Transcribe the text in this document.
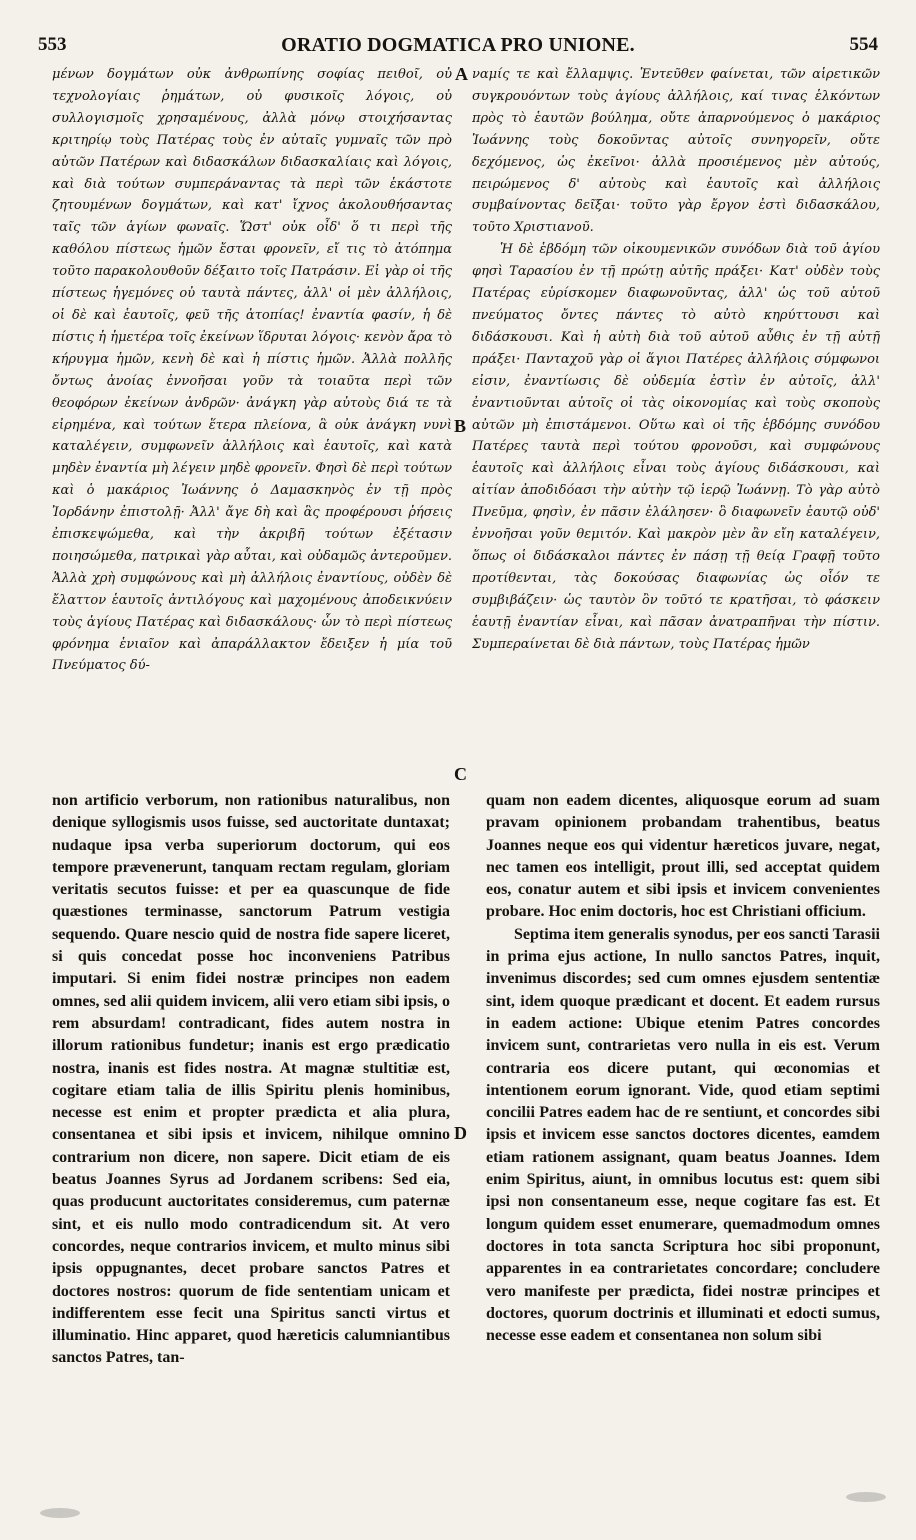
553	ORATIO DOGMATICA PRO UNIONE.	554

μένων δογμάτων οὐκ ἀνθρωπίνης σοφίας πειθοῖ, οὐ τεχνολογίαις ῥημάτων, οὐ φυσικοῖς λόγοις, οὐ συλλογισμοῖς χρησαμένους, ἀλλὰ μόνῳ στοιχήσαντας κριτηρίῳ τοὺς Πατέρας τοὺς ἐν αὐταῖς γυμναῖς τῶν πρὸ αὐτῶν Πατέρων καὶ διδασκάλων διδασκαλίαις καὶ λόγοις, καὶ διὰ τούτων συμπεράναντας τὰ περὶ τῶν ἑκάστοτε ζητουμένων δογμάτων, καὶ κατ' ἴχνος ἀκολουθήσαντας ταῖς τῶν ἁγίων φωναῖς. Ὥστ' οὐκ οἶδ' ὅ τι περὶ τῆς καθόλου πίστεως ἡμῶν ἔσται φρονεῖν, εἴ τις τὸ ἀτόπημα τοῦτο παρακολουθοῦν δέξαιτο τοῖς Πατράσιν. Εἰ γὰρ οἱ τῆς πίστεως ἡγεμόνες οὐ ταυτὰ πάντες, ἀλλ' οἱ μὲν ἀλλήλοις, οἱ δὲ καὶ ἑαυτοῖς, φεῦ τῆς ἀτοπίας! ἐναντία φασίν, ἡ δὲ πίστις ἡ ἡμετέρα τοῖς ἐκείνων ἵδρυται λόγοις· κενὸν ἄρα τὸ κήρυγμα ἡμῶν, κενὴ δὲ καὶ ἡ πίστις ἡμῶν. Ἀλλὰ πολλῆς ὄντως ἀνοίας ἐννοῆσαι γοῦν τὰ τοιαῦτα περὶ τῶν θεοφόρων ἐκείνων ἀνδρῶν· ἀνάγκη γὰρ αὐτοὺς διά τε τὰ εἰρημένα, καὶ τούτων ἕτερα πλείονα, ἃ οὐκ ἀνάγκη νυνὶ καταλέγειν, συμφωνεῖν ἀλλήλοις καὶ ἑαυτοῖς, καὶ κατὰ μηδὲν ἐναντία μὴ λέγειν μηδὲ φρονεῖν. Φησὶ δὲ περὶ τούτων καὶ ὁ μακάριος Ἰωάννης ὁ Δαμασκηνὸς ἐν τῇ πρὸς Ἰορδάνην ἐπιστολῇ· Ἀλλ' ἄγε δὴ καὶ ἃς προφέρουσι ῥήσεις ἐπισκεψώμεθα, καὶ τὴν ἀκριβῆ τούτων ἐξέτασιν ποιησώμεθα, πατρικαὶ γὰρ αὗται, καὶ οὐδαμῶς ἀντεροῦμεν. Ἀλλὰ χρὴ συμφώνους καὶ μὴ ἀλλήλοις ἐναντίους, οὐδὲν δὲ ἔλαττον ἑαυτοῖς ἀντιλόγους καὶ μαχομένους ἀποδεικνύειν τοὺς ἁγίους Πατέρας καὶ διδασκάλους· ὧν τὸ περὶ πίστεως φρόνημα ἑνιαῖον καὶ ἀπαράλλακτον ἔδειξεν ἡ μία τοῦ Πνεύματος δύ-

ναμίς τε καὶ ἔλλαμψις. Ἐντεῦθεν φαίνεται, τῶν αἱρετικῶν συγκρουόντων τοὺς ἁγίους ἀλλήλοις, καί τινας ἑλκόντων πρὸς τὸ ἑαυτῶν βούλημα, οὔτε ἀπαρνούμενος ὁ μακάριος Ἰωάννης τοὺς δοκοῦντας αὐτοῖς συνηγορεῖν, οὔτε δεχόμενος, ὡς ἐκεῖνοι· ἀλλὰ προσιέμενος μὲν αὐτούς, πειρώμενος δ' αὐτοὺς καὶ ἑαυτοῖς καὶ ἀλλήλοις συμβαίνοντας δεῖξαι· τοῦτο γὰρ ἔργον ἐστὶ διδασκάλου, τοῦτο Χριστιανοῦ.

Ἡ δὲ ἑβδόμη τῶν οἰκουμενικῶν συνόδων διὰ τοῦ ἁγίου φησὶ Ταρασίου ἐν τῇ πρώτῃ αὐτῆς πράξει· Κατ' οὐδὲν τοὺς Πατέρας εὑρίσκομεν διαφωνοῦντας, ἀλλ' ὡς τοῦ αὐτοῦ πνεύματος ὄντες πάντες τὸ αὐτὸ κηρύττουσι καὶ διδάσκουσι. Καὶ ἡ αὐτὴ διὰ τοῦ αὐτοῦ αὖθις ἐν τῇ αὐτῇ πράξει· Πανταχοῦ γὰρ οἱ ἅγιοι Πατέρες ἀλλήλοις σύμφωνοι εἰσιν, ἐναντίωσις δὲ οὐδεμία ἐστὶν ἐν αὐτοῖς, ἀλλ' ἐναντιοῦνται αὐτοῖς οἱ τὰς οἰκονομίας καὶ τοὺς σκοποὺς αὐτῶν μὴ ἐπιστάμενοι. Οὕτω καὶ οἱ τῆς ἑβδόμης συνόδου Πατέρες ταυτὰ περὶ τούτου φρονοῦσι, καὶ συμφώνους ἑαυτοῖς καὶ ἀλλήλοις εἶναι τοὺς ἁγίους διδάσκουσι, καὶ αἰτίαν ἀποδιδόασι τὴν αὐτὴν τῷ ἱερῷ Ἰωάννῃ. Τὸ γὰρ αὐτὸ Πνεῦμα, φησὶν, ἐν πᾶσιν ἐλάλησεν· ὃ διαφωνεῖν ἑαυτῷ οὐδ' ἐννοῆσαι γοῦν θεμιτόν. Καὶ μακρὸν μὲν ἂν εἴη καταλέγειν, ὅπως οἱ διδάσκαλοι πάντες ἐν πάσῃ τῇ θείᾳ Γραφῇ τοῦτο προτίθενται, τὰς δοκούσας διαφωνίας ὡς οἷόν τε συμβιβάζειν· ὡς ταυτὸν ὂν τοῦτό τε κρατῆσαι, τὸ φάσκειν ἑαυτῇ ἐναντίαν εἶναι, καὶ πᾶσαν ἀνατραπῆναι τὴν πίστιν. Συμπεραίνεται δὲ διὰ πάντων, τοὺς Πατέρας ἡμῶν

A
B
C
D

non artificio verborum, non rationibus naturalibus, non denique syllogismis usos fuisse, sed auctoritate duntaxat; nudaque ipsa verba superiorum doctorum, qui eos tempore prævenerunt, tanquam rectam regulam, gloriam veritatis secutos fuisse: et per ea quascunque de fide quæstiones terminasse, sanctorum Patrum vestigia sequendo. Quare nescio quid de nostra fide sapere liceret, si quis concedat posse hoc inconveniens Patribus imputari. Si enim fidei nostræ principes non eadem omnes, sed alii quidem invicem, alii vero etiam sibi ipsis, o rem absurdam! contradicant, fides autem nostra in illorum rationibus fundetur; inanis est ergo prædicatio nostra, inanis est fides nostra. At magnæ stultitiæ est, cogitare etiam talia de illis Spiritu plenis hominibus, necesse est enim et propter prædicta et alia plura, consentanea et sibi ipsis et invicem, nihilque omnino contrarium non dicere, non sapere. Dicit etiam de eis beatus Joannes Syrus ad Jordanem scribens: Sed eia, quas producunt auctoritates consideremus, cum paternæ sint, et eis nullo modo contradicendum sit. At vero concordes, neque contrarios invicem, et multo minus sibi ipsis oppugnantes, decet probare sanctos Patres et doctores nostros: quorum de fide sententiam unicam et indifferentem esse fecit una Spiritus sancti virtus et illuminatio. Hinc apparet, quod hæreticis calumniantibus sanctos Patres, tan-

quam non eadem dicentes, aliquosque eorum ad suam pravam opinionem probandam trahentibus, beatus Joannes neque eos qui videntur hæreticos juvare, negat, nec tamen eos intelligit, prout illi, sed acceptat quidem eos, conatur autem et sibi ipsis et invicem convenientes probare. Hoc enim doctoris, hoc est Christiani officium.

Septima item generalis synodus, per eos sancti Tarasii in prima ejus actione, In nullo sanctos Patres, inquit, invenimus discordes; sed cum omnes ejusdem sententiæ sint, idem quoque prædicant et docent. Et eadem rursus in eadem actione: Ubique etenim Patres concordes invicem sunt, contrarietas vero nulla in eis est. Verum contraria eos dicere putant, qui œconomias et intentionem eorum ignorant. Vide, quod etiam septimi concilii Patres eadem hac de re sentiunt, et concordes sibi ipsis et invicem esse sanctos doctores dicentes, eamdem etiam rationem assignant, quam beatus Joannes. Idem enim Spiritus, aiunt, in omnibus locutus est: quem sibi ipsi non consentaneum esse, neque cogitare fas est. Et longum quidem esset enumerare, quemadmodum omnes doctores in tota sancta Scriptura hoc sibi proponunt, apparentes in ea contrarietates concordare; concludere vero manifeste per prædicta, fidei nostræ principes et doctores, quorum doctrinis et illuminati et edocti sumus, necesse esse eadem et consentanea non solum sibi
